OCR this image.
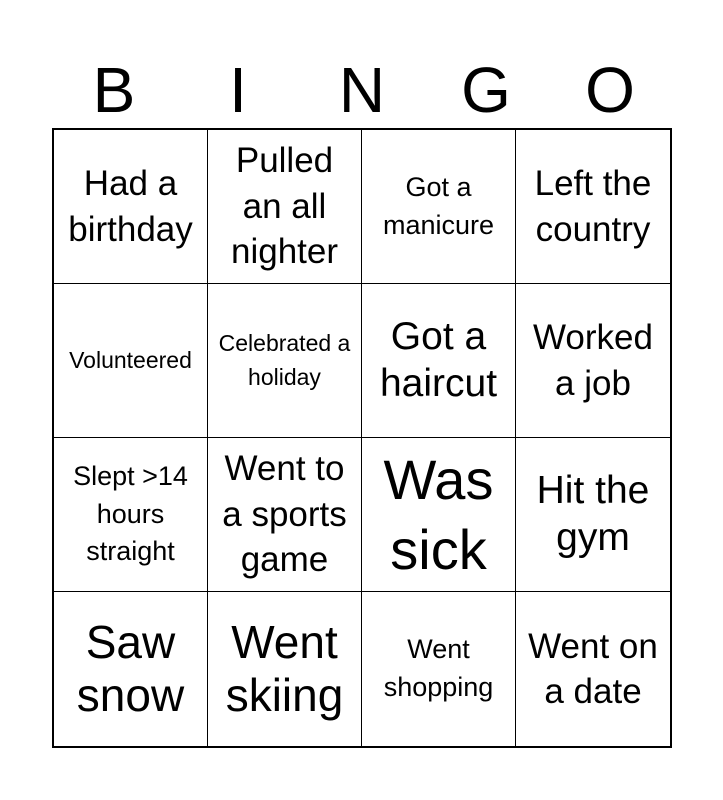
B	I	N	G	O
Had a birthday
Pulled an all nighter
Got a manicure
Left the country
Volunteered
Celebrated a holiday
Got a haircut
Worked a job
Slept >14 hours straight
Went to a sports game
Was sick
Hit the gym
Saw snow
Went skiing
Went shopping
Went on a date
